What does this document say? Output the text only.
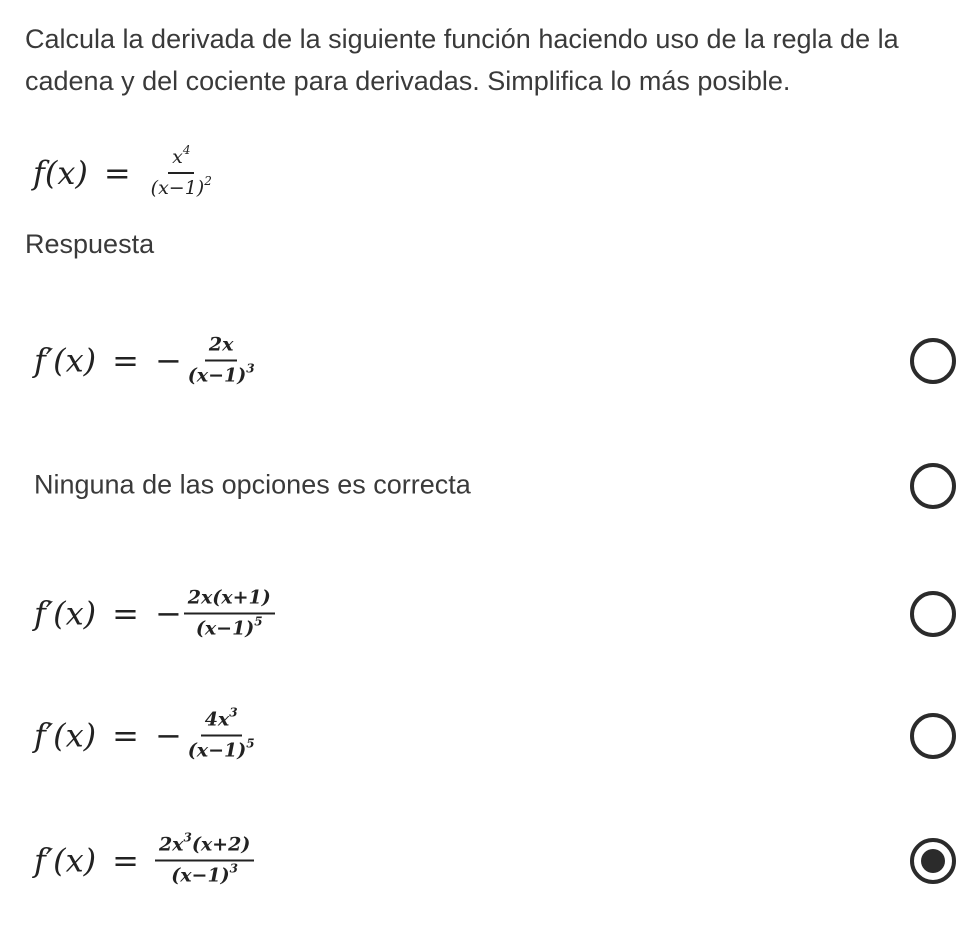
Calcula la derivada de la siguiente función haciendo uso de la regla de la cadena y del cociente para derivadas. Simplifica lo más posible.

$f(x) = \frac{x^4}{(x-1)^2}$
Respuesta
f′(x) = − $\frac{2x}{(x-1)^3}$
Ninguna de las opciones es correcta
f′(x) = − $\frac{2x(x+1)}{(x-1)^5}$
f′(x) = − $\frac{4x^3}{(x-1)^5}$
$f'(x) = \frac{2x^3(x+2)}{(x-1)^3}$
